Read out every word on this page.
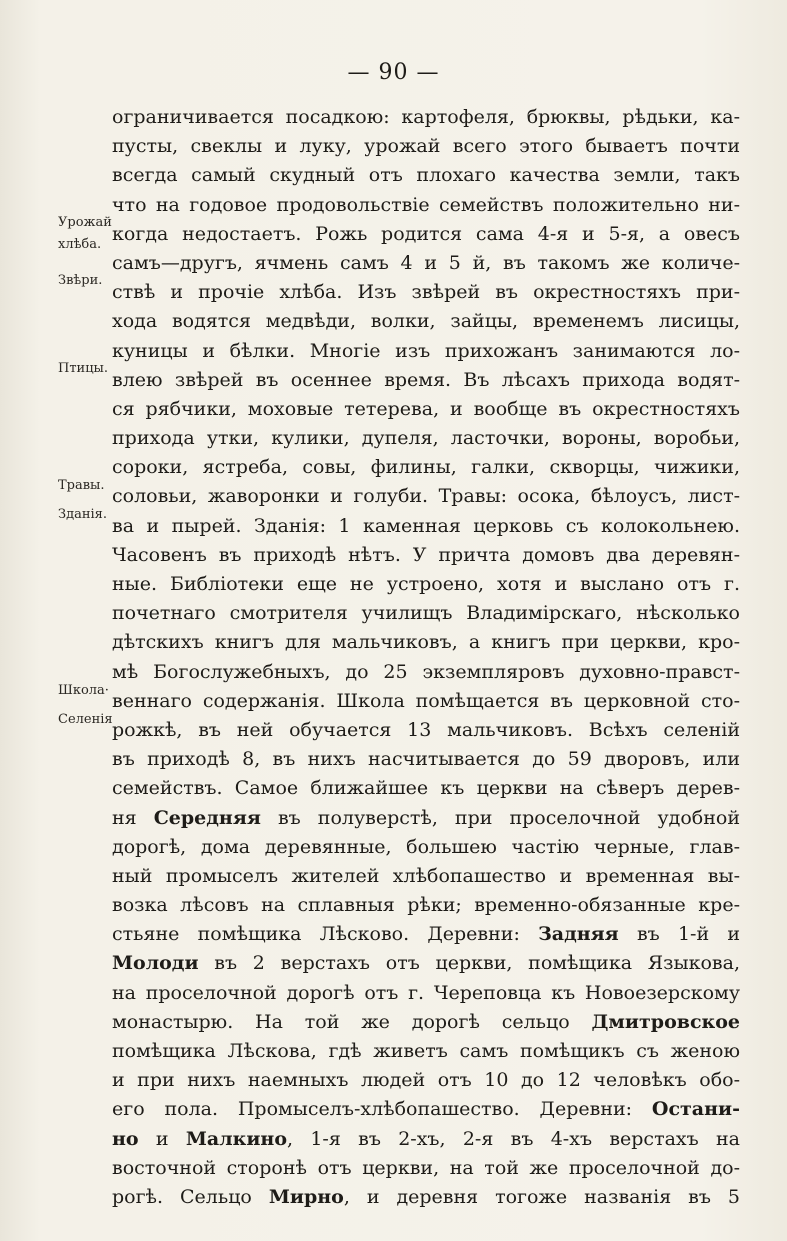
— 90 —
Урожай
хлѣба.
Звѣри.
Птицы.
Травы.
Зданія.
Школа·
Селенія
ограничивается посадкою: картофеля, брюквы, рѣдьки, ка-
пусты, свеклы и луку, урожай всего этого бываетъ почти
всегда самый скудный отъ плохаго качества земли, такъ
что на годовое продовольствіе семействъ положительно ни-
когда недостаетъ. Рожь родится сама 4-я и 5-я, а овесъ
самъ—другъ, ячмень самъ 4 и 5 й, въ такомъ же количе-
ствѣ и прочіе хлѣба. Изъ звѣрей въ окрестностяхъ при-
хода водятся медвѣди, волки, зайцы, временемъ лисицы,
куницы и бѣлки. Многіе изъ прихожанъ занимаются ло-
влею звѣрей въ осеннее время. Въ лѣсахъ прихода водят-
ся рябчики, моховые тетерева, и вообще въ окрестностяхъ
прихода утки, кулики, дупеля, ласточки, вороны, воробьи,
сороки, ястреба, совы, филины, галки, скворцы, чижики,
соловьи, жаворонки и голуби. Травы: осока, бѣлоусъ, лист-
ва и пырей. Зданія: 1 каменная церковь съ колокольнею.
Часовенъ въ приходѣ нѣтъ. У причта домовъ два деревян-
ные. Библіотеки еще не устроено, хотя и выслано отъ г.
почетнаго смотрителя училищъ Владимірскаго, нѣсколько
дѣтскихъ книгъ для мальчиковъ, а книгъ при церкви, кро-
мѣ Богослужебныхъ, до 25 экземпляровъ духовно-правст-
веннаго содержанія. Школа помѣщается въ церковной сто-
рожкѣ, въ ней обучается 13 мальчиковъ. Всѣхъ селеній
въ приходѣ 8, въ нихъ насчитывается до 59 дворовъ, или
семействъ. Самое ближайшее къ церкви на сѣверъ дерев-
ня Середняя въ полуверстѣ, при проселочной удобной
дорогѣ, дома деревянные, большею частію черные, глав-
ный промыселъ жителей хлѣбопашество и временная вы-
возка лѣсовъ на сплавныя рѣки; временно-обязанные кре-
стьяне помѣщика Лѣсково. Деревни: Задняя въ 1-й и
Молоди въ 2 верстахъ отъ церкви, помѣщика Языкова,
на проселочной дорогѣ отъ г. Череповца къ Новоезерскому
монастырю. На той же дорогѣ сельцо Дмитровское
помѣщика Лѣскова, гдѣ живетъ самъ помѣщикъ съ женою
и при нихъ наемныхъ людей отъ 10 до 12 человѣкъ обо-
его пола. Промыселъ-хлѣбопашество. Деревни: Остани-
но и Малкино, 1-я въ 2-хъ, 2-я въ 4-хъ верстахъ на
восточной сторонѣ отъ церкви, на той же проселочной до-
рогѣ. Сельцо Мирно, и деревня тогоже названія въ 5
